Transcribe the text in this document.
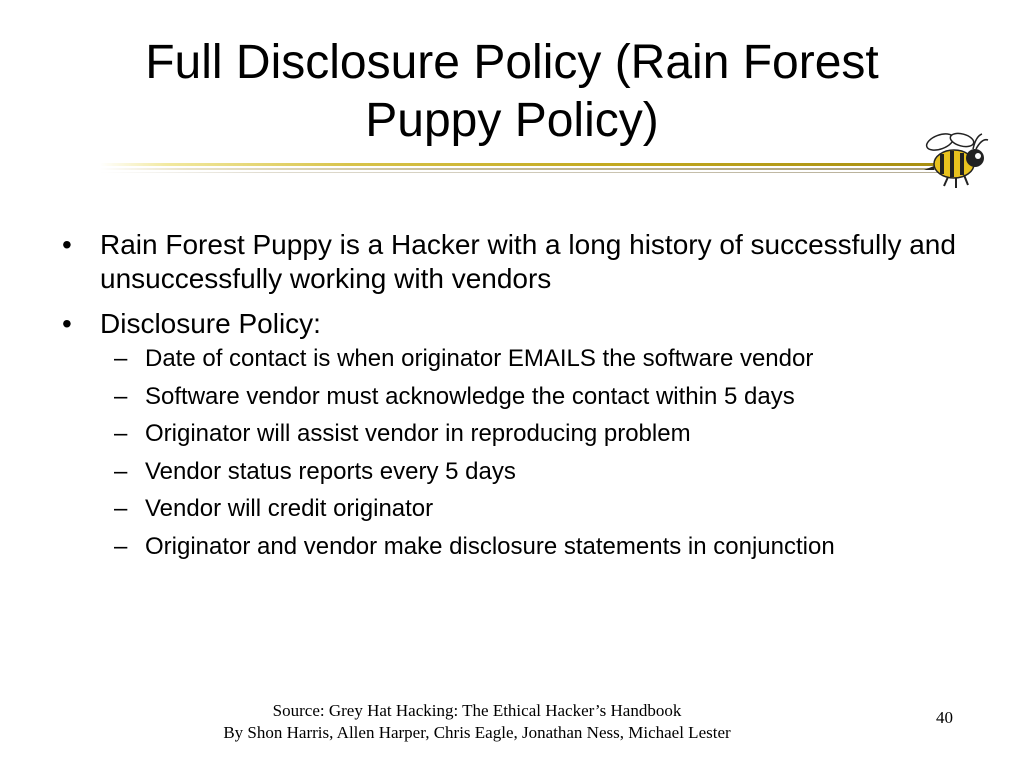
Full Disclosure Policy (Rain Forest
Puppy Policy)
• Rain Forest Puppy is a Hacker with a long history of successfully and unsuccessfully working with vendors
• Disclosure Policy:
– Date of contact is when originator EMAILS the software vendor
– Software vendor must acknowledge the contact within 5 days
– Originator will assist vendor in reproducing problem
– Vendor status reports every 5 days
– Vendor will credit originator
– Originator and vendor make disclosure statements in conjunction
Source: Grey Hat Hacking: The Ethical Hacker’s Handbook
By Shon Harris, Allen Harper, Chris Eagle, Jonathan Ness, Michael Lester
40
